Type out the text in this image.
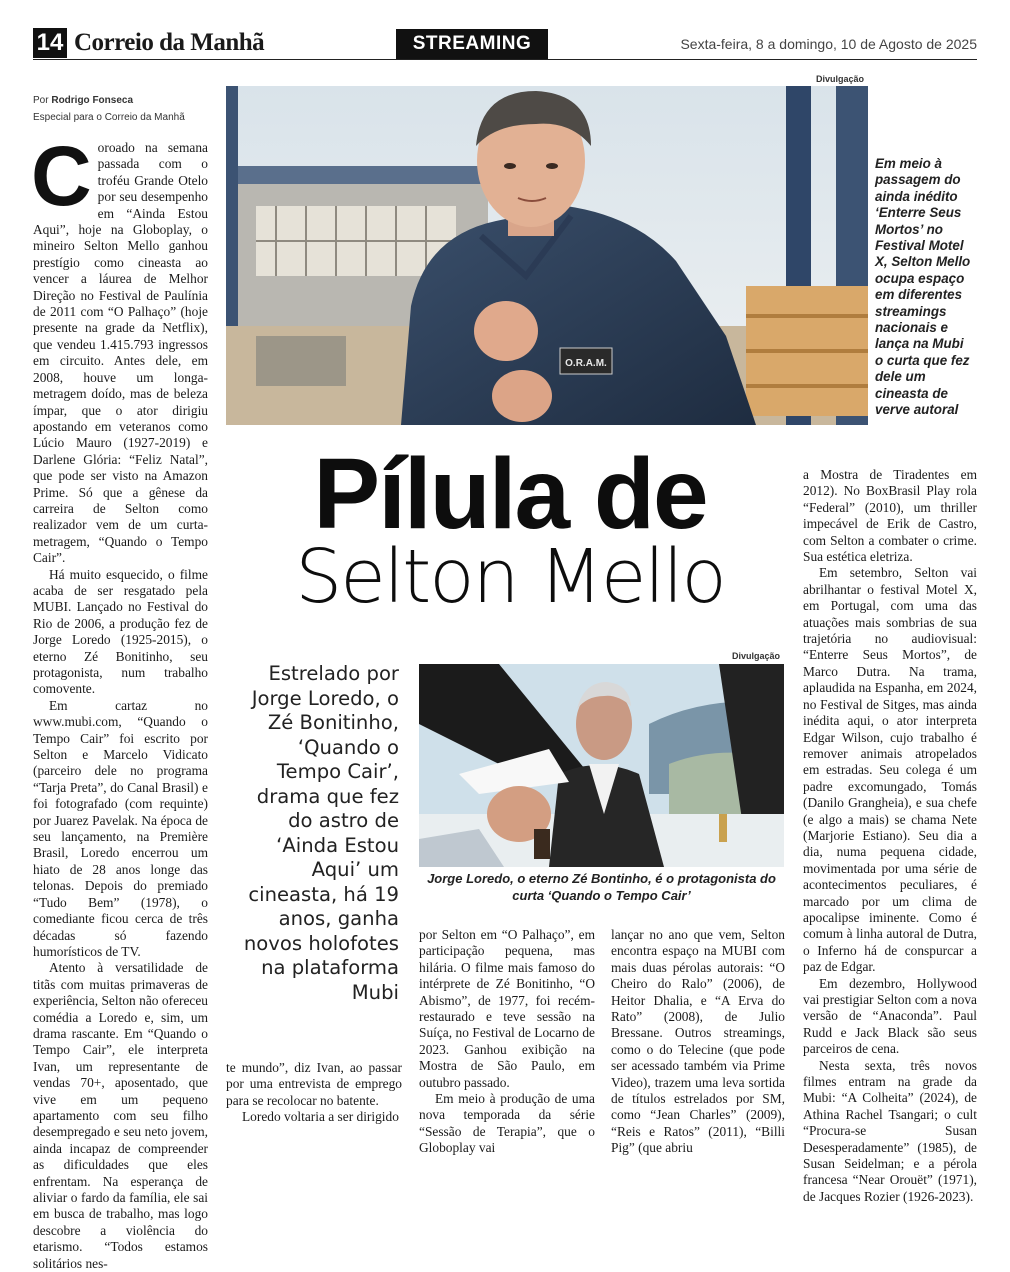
14 Correio da Manhã	STREAMING	Sexta-feira, 8 a domingo, 10 de Agosto de 2025
Por Rodrigo Fonseca
Especial para o Correio da Manhã
Divulgação
O.R.A.M.
Em meio à passagem do ainda inédito ‘Enterre Seus Mortos’ no Festival Motel X, Selton Mello ocupa espaço em diferentes streamings nacionais e lança na Mubi o curta que fez dele um cineasta de verve autoral
Pílula de
Selton Mello
Estrelado por Jorge Loredo, o Zé Bonitinho, ‘Quando o Tempo Cair’, drama que fez do astro de ‘Ainda Estou Aqui’ um cineasta, há 19 anos, ganha novos holofotes na plataforma Mubi
Divulgação
Jorge Loredo, o eterno Zé Bontinho, é o protagonista do curta ‘Quando o Tempo Cair’

Coroado na semana passada com o troféu Grande Otelo por seu desempenho em “Ainda Estou Aqui”, hoje na Globoplay, o mineiro Selton Mello ganhou prestígio como cineasta ao vencer a láurea de Melhor Direção no Festival de Paulínia de 2011 com “O Palhaço” (hoje presente na grade da Netflix), que vendeu 1.415.793 ingressos em circuito. Antes dele, em 2008, houve um longa-metragem doído, mas de beleza ímpar, que o ator dirigiu apostando em veteranos como Lúcio Mauro (1927-2019) e Darlene Glória: “Feliz Natal”, que pode ser visto na Amazon Prime. Só que a gênese da carreira de Selton como realizador vem de um curta-metragem, “Quando o Tempo Cair”.

Há muito esquecido, o filme acaba de ser resgatado pela MUBI. Lançado no Festival do Rio de 2006, a produção fez de Jorge Loredo (1925-2015), o eterno Zé Bonitinho, seu protagonista, num trabalho comovente.

Em cartaz no www.mubi.com, “Quando o Tempo Cair” foi escrito por Selton e Marcelo Vidicato (parceiro dele no programa “Tarja Preta”, do Canal Brasil) e foi fotografado (com requinte) por Juarez Pavelak. Na época de seu lançamento, na Première Brasil, Loredo encerrou um hiato de 28 anos longe das telonas. Depois do premiado “Tudo Bem” (1978), o comediante ficou cerca de três décadas só fazendo humorísticos de TV.

Atento à versatilidade de titãs com muitas primaveras de experiência, Selton não ofereceu comédia a Loredo e, sim, um drama rascante. Em “Quando o Tempo Cair”, ele interpreta Ivan, um representante de vendas 70+, aposentado, que vive em um pequeno apartamento com seu filho desempregado e seu neto jovem, ainda incapaz de compreender as dificuldades que eles enfrentam. Na esperança de aliviar o fardo da família, ele sai em busca de trabalho, mas logo descobre a violência do etarismo. “Todos estamos solitários nes-

te mundo”, diz Ivan, ao passar por uma entrevista de emprego para se recolocar no batente.

Loredo voltaria a ser dirigido

por Selton em “O Palhaço”, em participação pequena, mas hilária. O filme mais famoso do intérprete de Zé Bonitinho, “O Abismo”, de 1977, foi recém-restaurado e teve sessão na Suíça, no Festival de Locarno de 2023. Ganhou exibição na Mostra de São Paulo, em outubro passado.

Em meio à produção de uma nova temporada da série “Sessão de Terapia”, que o Globoplay vai

lançar no ano que vem, Selton encontra espaço na MUBI com mais duas pérolas autorais: “O Cheiro do Ralo” (2006), de Heitor Dhalia, e “A Erva do Rato” (2008), de Julio Bressane. Outros streamings, como o do Telecine (que pode ser acessado também via Prime Video), trazem uma leva sortida de títulos estrelados por SM, como “Jean Charles” (2009), “Reis e Ratos” (2011), “Billi Pig” (que abriu

a Mostra de Tiradentes em 2012). No BoxBrasil Play rola “Federal” (2010), um thriller impecável de Erik de Castro, com Selton a combater o crime. Sua estética eletriza.

Em setembro, Selton vai abrilhantar o festival Motel X, em Portugal, com uma das atuações mais sombrias de sua trajetória no audiovisual: “Enterre Seus Mortos”, de Marco Dutra. Na trama, aplaudida na Espanha, em 2024, no Festival de Sitges, mas ainda inédita aqui, o ator interpreta Edgar Wilson, cujo trabalho é remover animais atropelados em estradas. Seu colega é um padre excomungado, Tomás (Danilo Grangheia), e sua chefe (e algo a mais) se chama Nete (Marjorie Estiano). Seu dia a dia, numa pequena cidade, movimentada por uma série de acontecimentos peculiares, é marcado por um clima de apocalipse iminente. Como é comum à linha autoral de Dutra, o Inferno há de conspurcar a paz de Edgar.

Em dezembro, Hollywood vai prestigiar Selton com a nova versão de “Anaconda”. Paul Rudd e Jack Black são seus parceiros de cena.

Nesta sexta, três novos filmes entram na grade da Mubi: “A Colheita” (2024), de Athina Rachel Tsangari; o cult “Procura-se Susan Desesperadamente” (1985), de Susan Seidelman; e a pérola francesa “Near Orouët” (1971), de Jacques Rozier (1926-2023).
